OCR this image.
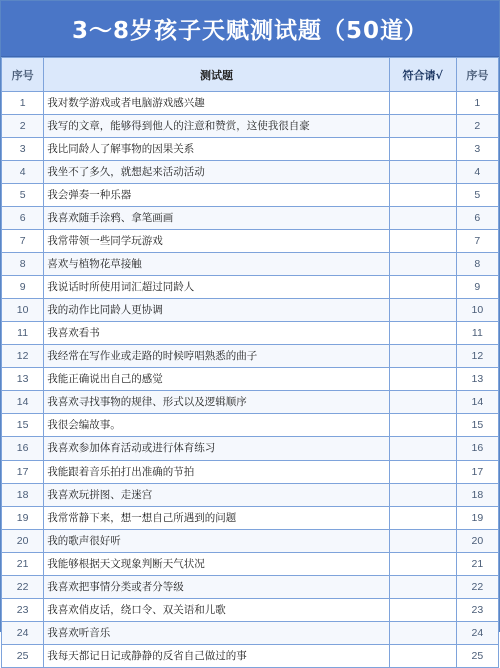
3～8岁孩子天赋测试题（50道）
序号	测试题	符合请√	序号
1	我对数学游戏或者电脑游戏感兴趣		1
2	我写的文章，能够得到他人的注意和赞赏，这使我很自豪		2
3	我比同龄人了解事物的因果关系		3
4	我坐不了多久，就想起来活动活动		4
5	我会弹奏一种乐器		5
6	我喜欢随手涂鸦、拿笔画画		6
7	我常带领一些同学玩游戏		7
8	喜欢与植物花草接触		8
9	我说话时所使用词汇超过同龄人		9
10	我的动作比同龄人更协调		10
11	我喜欢看书		11
12	我经常在写作业或走路的时候哼唱熟悉的曲子		12
13	我能正确说出自己的感觉		13
14	我喜欢寻找事物的规律、形式以及逻辑顺序		14
15	我很会编故事。		15
16	我喜欢参加体育活动或进行体育练习		16
17	我能跟着音乐拍打出准确的节拍		17
18	我喜欢玩拼图、走迷宫		18
19	我常常静下来，想一想自己所遇到的问题		19
20	我的歌声很好听		20
21	我能够根据天文现象判断天气状况		21
22	我喜欢把事情分类或者分等级		22
23	我喜欢俏皮话，绕口令、双关语和儿歌		23
24	我喜欢听音乐		24
25	我每天都记日记或静静的反省自己做过的事		25
